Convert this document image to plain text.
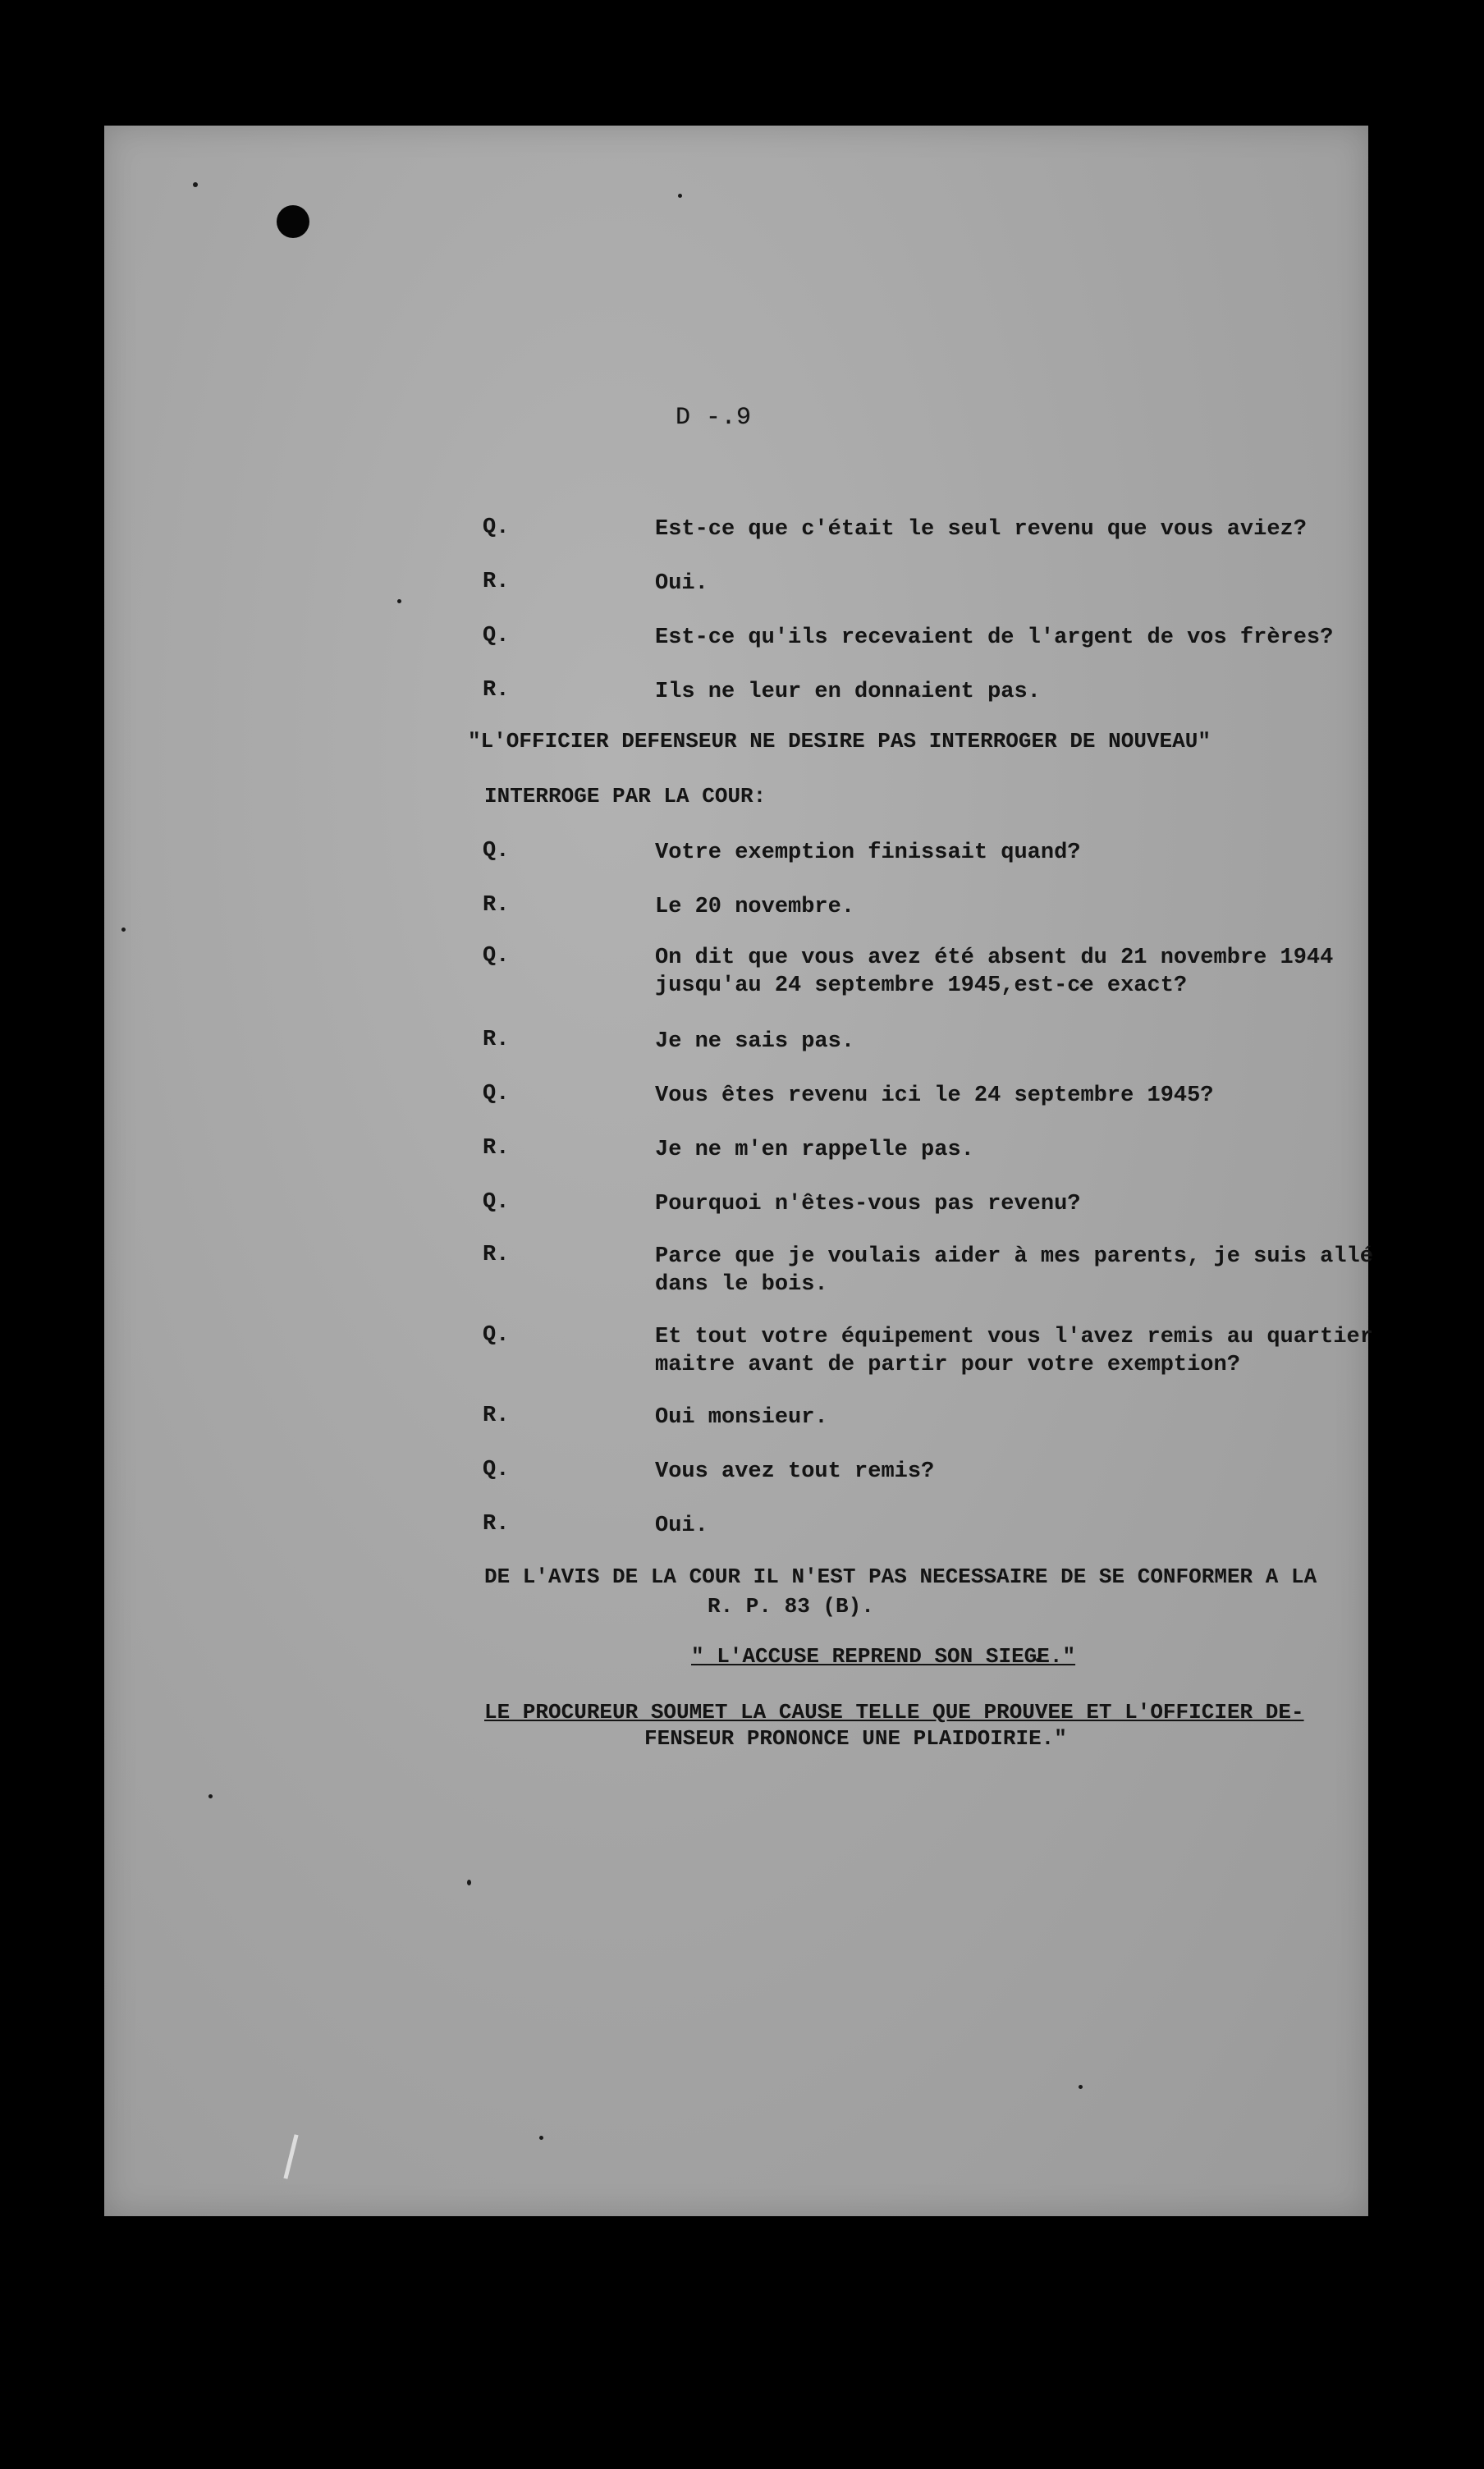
D -.9
Q.	Est-ce que c'était le seul revenu que vous aviez?
R.	Oui.
Q.	Est-ce qu'ils recevaient de l'argent de vos frères?
R.	Ils ne leur en donnaient pas.
"L'OFFICIER DEFENSEUR NE DESIRE PAS INTERROGER DE NOUVEAU"
INTERROGE PAR LA COUR:
Q.	Votre exemption finissait quand?
R.	Le 20 novembre.
Q.	On dit que vous avez été absent du 21 novembre 1944 jusqu'au 24 septembre 1945,est-ce exact?
R.	Je ne sais pas.
Q.	Vous êtes revenu ici le 24 septembre 1945?
R.	Je ne m'en rappelle pas.
Q.	Pourquoi n'êtes-vous pas revenu?
R.	Parce que je voulais aider à mes parents, je suis allé dans le bois.
Q.	Et tout votre équipement vous l'avez remis au quartier maitre avant de partir pour votre exemption?
R.	Oui monsieur.
Q.	Vous avez tout remis?
R.	Oui.
DE L'AVIS DE LA COUR IL N'EST PAS NECESSAIRE DE SE CONFORMER A LA
R. P. 83 (B).
" L'ACCUSE REPREND SON SIEGE."
LE PROCUREUR SOUMET LA CAUSE TELLE QUE PROUVEE ET L'OFFICIER DE-
FENSEUR PRONONCE UNE PLAIDOIRIE."
